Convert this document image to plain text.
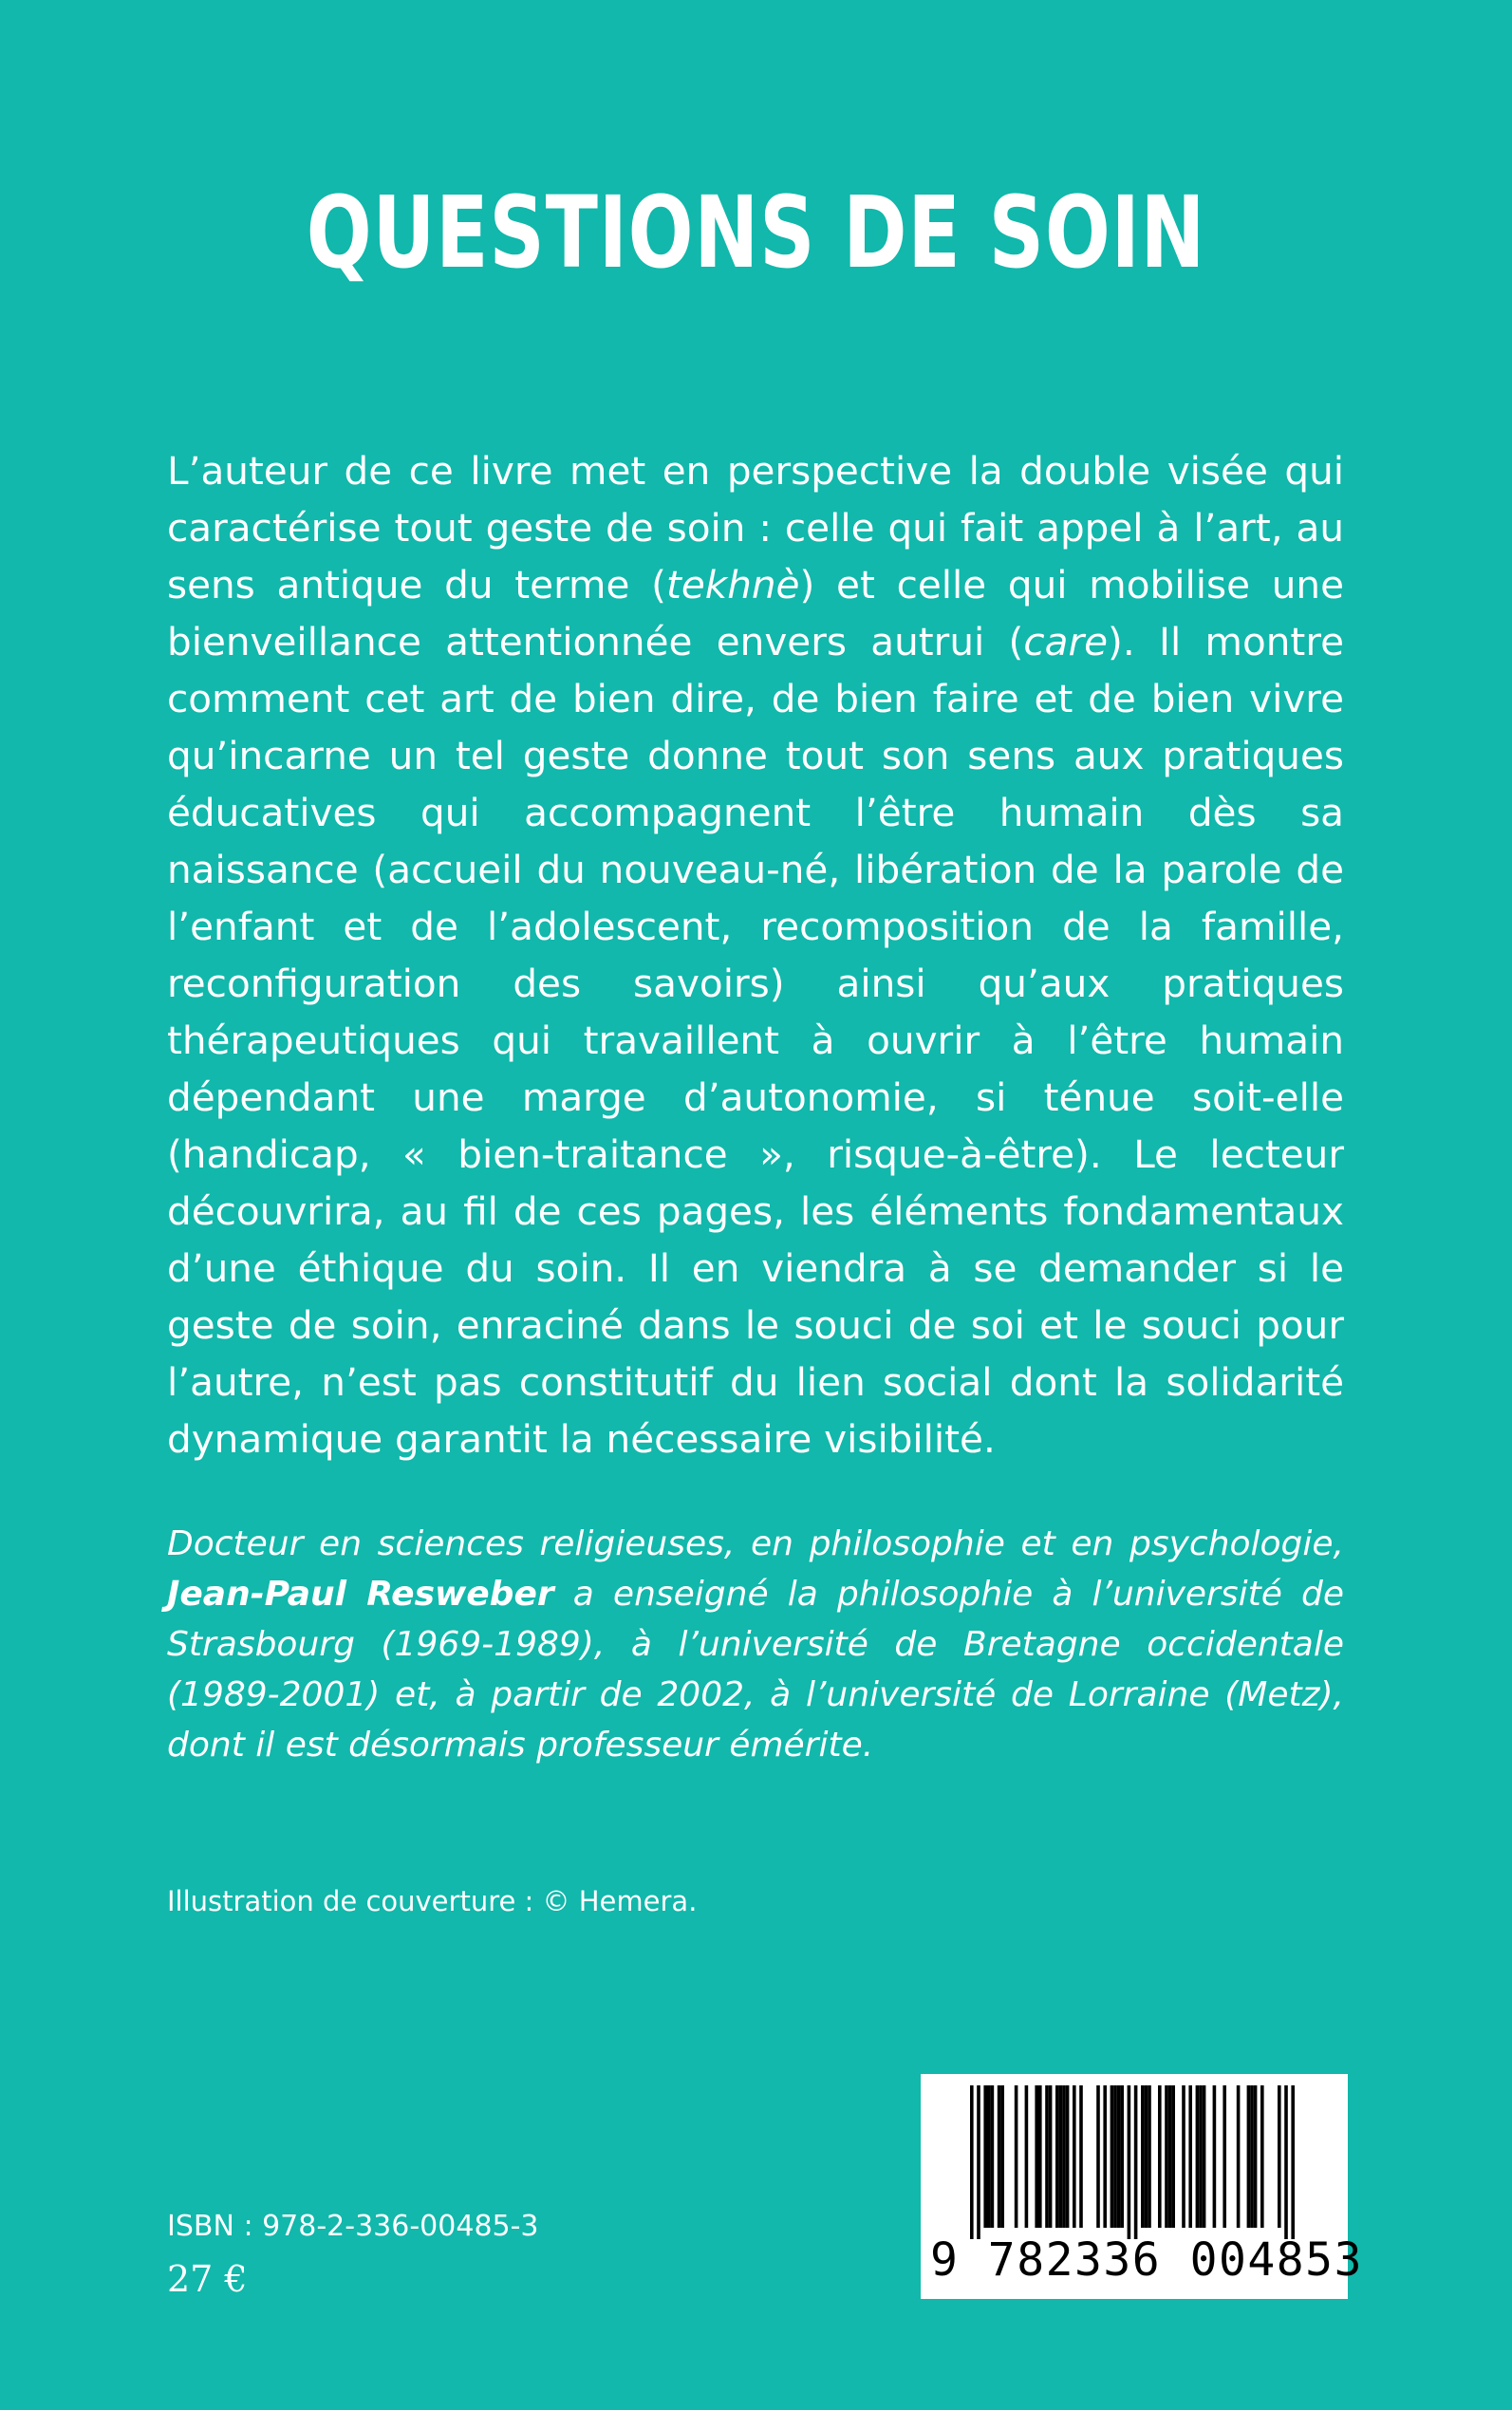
QUESTIONS DE SOIN

L’auteur de ce livre met en perspective la double visée qui caractérise tout geste de soin : celle qui fait appel à l’art, au sens antique du terme (tekhnè) et celle qui mobilise une bienveillance attentionnée envers autrui (care). Il montre comment cet art de bien dire, de bien faire et de bien vivre qu’incarne un tel geste donne tout son sens aux pratiques éducatives qui accompagnent l’être humain dès sa naissance (accueil du nouveau-né, libération de la parole de l’enfant et de l’adolescent, recomposition de la famille, reconfiguration des savoirs) ainsi qu’aux pratiques thérapeutiques qui travaillent à ouvrir à l’être humain dépendant une marge d’autonomie, si ténue soit-elle (handicap, « bien-traitance », risque-à-être). Le lecteur découvrira, au fil de ces pages, les éléments fondamentaux d’une éthique du soin. Il en viendra à se demander si le geste de soin, enraciné dans le souci de soi et le souci pour l’autre, n’est pas constitutif du lien social dont la solidarité dynamique garantit la nécessaire visibilité.

Docteur en sciences religieuses, en philosophie et en psychologie, Jean-Paul Resweber a enseigné la philosophie à l’université de Strasbourg (1969-1989), à l’université de Bretagne occidentale (1989-2001) et, à partir de 2002, à l’université de Lorraine (Metz), dont il est désormais professeur émérite.

Illustration de couverture : © Hemera.
ISBN : 978-2-336-00485-3
27 €	9 782336 004853
